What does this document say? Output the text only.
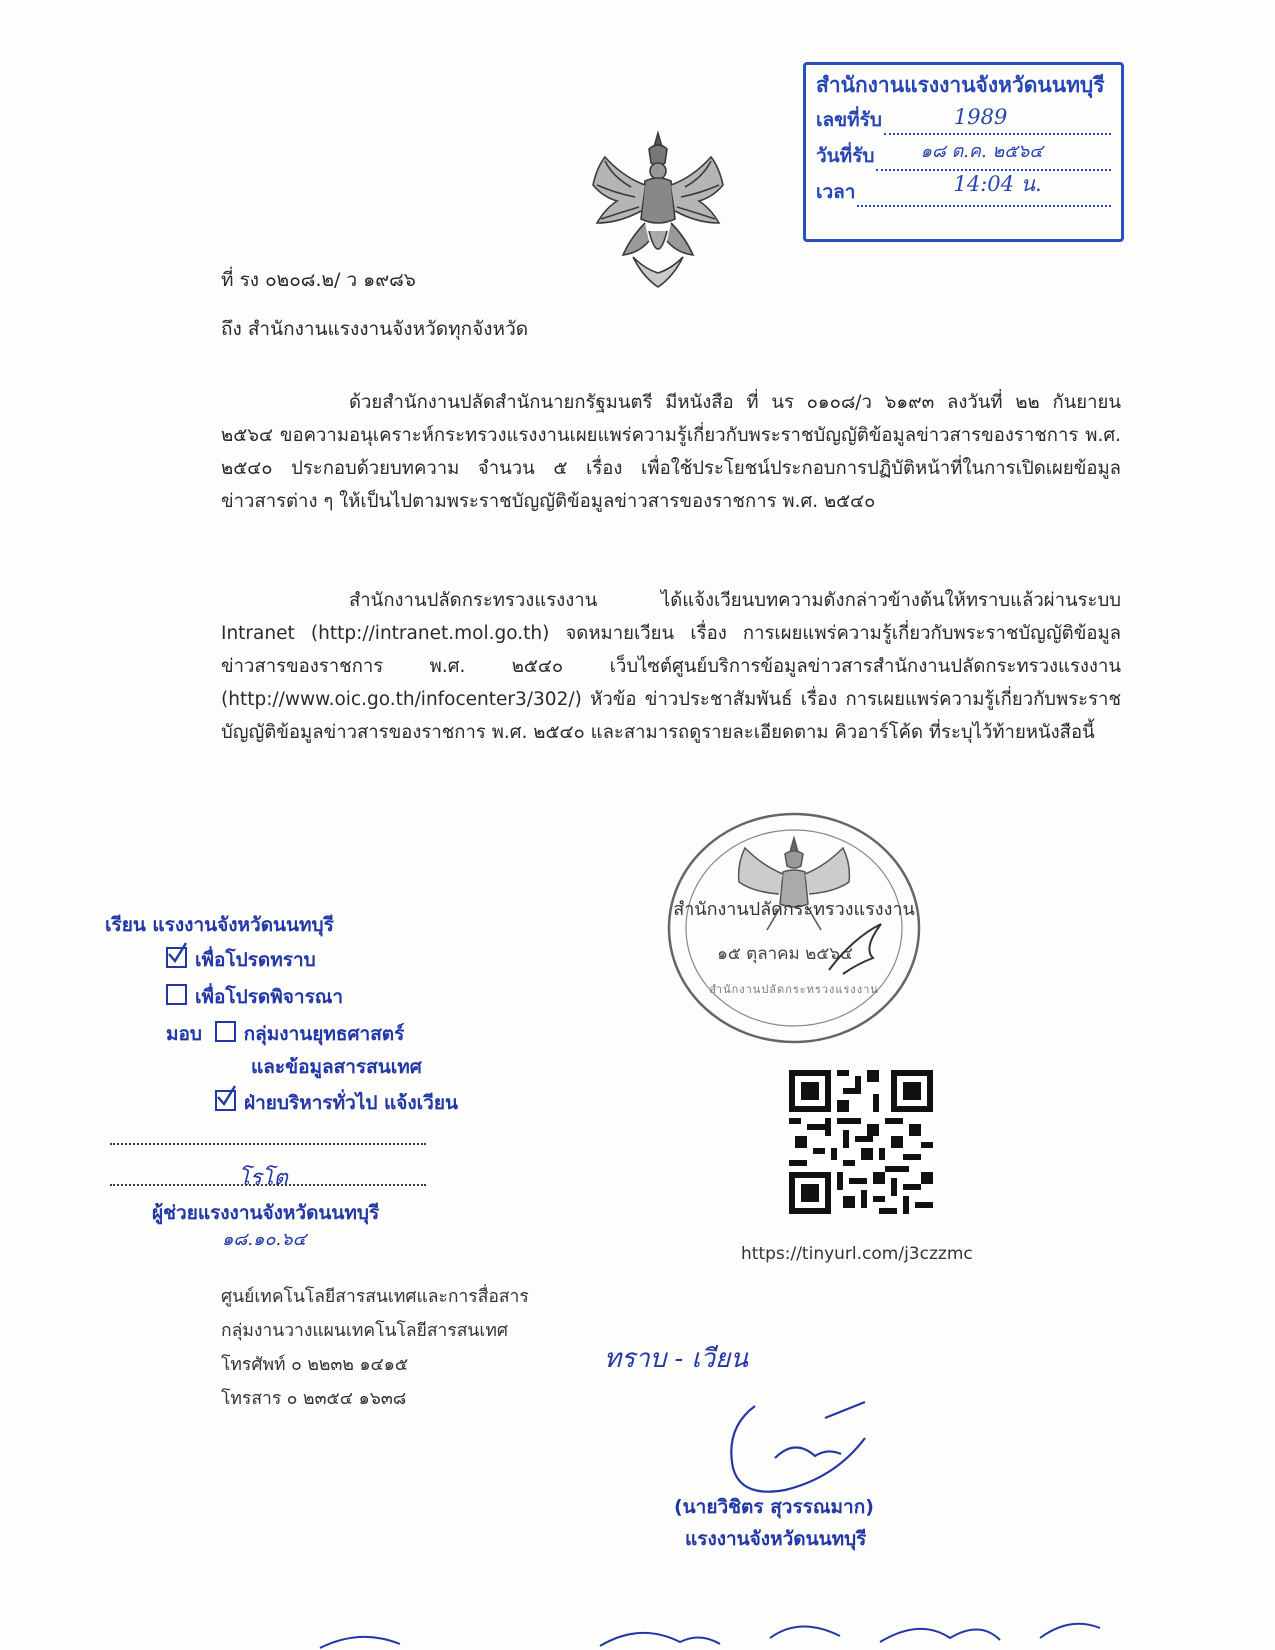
สำนักงานแรงงานจังหวัดนนทบุรี
เลขที่รับ	1989
วันที่รับ	๑๘ ต.ค. ๒๕๖๔
เวลา	14:04 น.
ที่ รง ๐๒๐๘.๒/ ว ๑๙๘๖
ถึง สำนักงานแรงงานจังหวัดทุกจังหวัด
ด้วยสำนักงานปลัดสำนักนายกรัฐมนตรี มีหนังสือ ที่ นร ๐๑๐๘/ว ๖๑๙๓ ลงวันที่ ๒๒ กันยายน ๒๕๖๔ ขอความอนุเคราะห์กระทรวงแรงงานเผยแพร่ความรู้เกี่ยวกับพระราชบัญญัติข้อมูลข่าวสารของราชการ พ.ศ. ๒๕๔๐ ประกอบด้วยบทความ จำนวน ๕ เรื่อง เพื่อใช้ประโยชน์ประกอบการปฏิบัติหน้าที่ในการเปิดเผยข้อมูลข่าวสารต่าง ๆ ให้เป็นไปตามพระราชบัญญัติข้อมูลข่าวสารของราชการ พ.ศ. ๒๕๔๐
สำนักงานปลัดกระทรวงแรงงาน ได้แจ้งเวียนบทความดังกล่าวข้างต้นให้ทราบแล้วผ่านระบบ Intranet (http://intranet.mol.go.th) จดหมายเวียน เรื่อง การเผยแพร่ความรู้เกี่ยวกับพระราชบัญญัติข้อมูลข่าวสารของราชการ พ.ศ. ๒๕๔๐ เว็บไซต์ศูนย์บริการข้อมูลข่าวสารสำนักงานปลัดกระทรวงแรงงาน (http://www.oic.go.th/infocenter3/302/) หัวข้อ ข่าวประชาสัมพันธ์ เรื่อง การเผยแพร่ความรู้เกี่ยวกับพระราชบัญญัติข้อมูลข่าวสารของราชการ พ.ศ. ๒๕๔๐ และสามารถดูรายละเอียดตาม คิวอาร์โค้ด ที่ระบุไว้ท้ายหนังสือนี้
สำนักงานปลัดกระทรวงแรงงาน
๑๕ ตุลาคม ๒๕๖๔
สำนักงานปลัดกระทรวงแรงงาน
https://tinyurl.com/j3czzmc
เรียน แรงงานจังหวัดนนทบุรี
เพื่อโปรดทราบ
เพื่อโปรดพิจารณา
มอบ กลุ่มงานยุทธศาสตร์
และข้อมูลสารสนเทศ
ฝ่ายบริหารทั่วไป แจ้งเวียน
โรโต
ผู้ช่วยแรงงานจังหวัดนนทบุรี
๑๘.๑๐.๖๔
ศูนย์เทคโนโลยีสารสนเทศและการสื่อสาร
กลุ่มงานวางแผนเทคโนโลยีสารสนเทศ
โทรศัพท์ ๐ ๒๒๓๒ ๑๔๑๕
โทรสาร ๐ ๒๓๕๔ ๑๖๓๘
ทราบ - เวียน
(นายวิชิตร สุวรรณมาก)
แรงงานจังหวัดนนทบุรี
